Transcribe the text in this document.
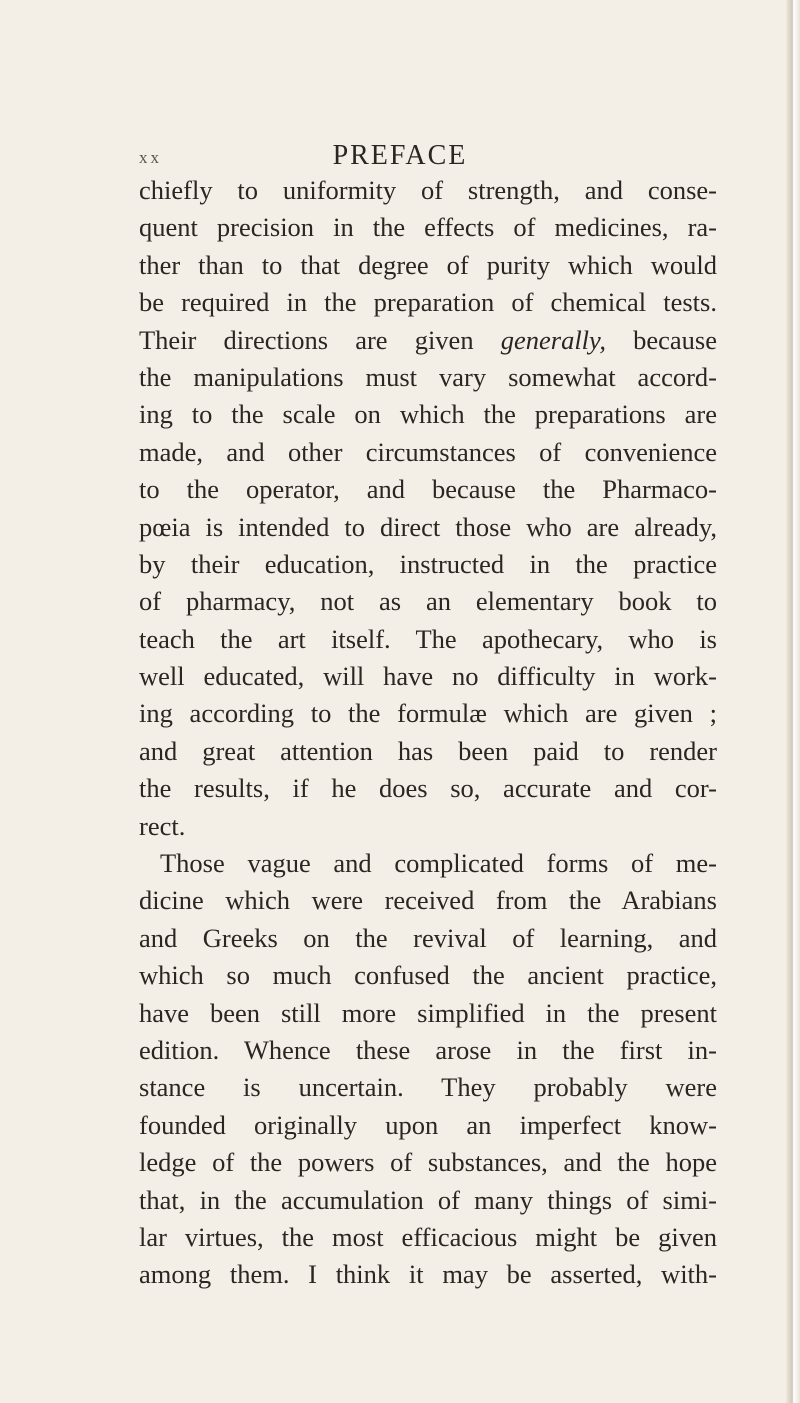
xx	PREFACE
chiefly to uniformity of strength, and conse-
quent precision in the effects of medicines, ra-
ther than to that degree of purity which would
be required in the preparation of chemical tests.
Their directions are given generally, because
the manipulations must vary somewhat accord-
ing to the scale on which the preparations are
made, and other circumstances of convenience
to the operator, and because the Pharmaco-
pœia is intended to direct those who are already,
by their education, instructed in the practice
of pharmacy, not as an elementary book to
teach the art itself. The apothecary, who is
well educated, will have no difficulty in work-
ing according to the formulæ which are given ;
and great attention has been paid to render
the results, if he does so, accurate and cor-
rect.
Those vague and complicated forms of me-
dicine which were received from the Arabians
and Greeks on the revival of learning, and
which so much confused the ancient practice,
have been still more simplified in the present
edition. Whence these arose in the first in-
stance is uncertain. They probably were
founded originally upon an imperfect know-
ledge of the powers of substances, and the hope
that, in the accumulation of many things of simi-
lar virtues, the most efficacious might be given
among them. I think it may be asserted, with-
